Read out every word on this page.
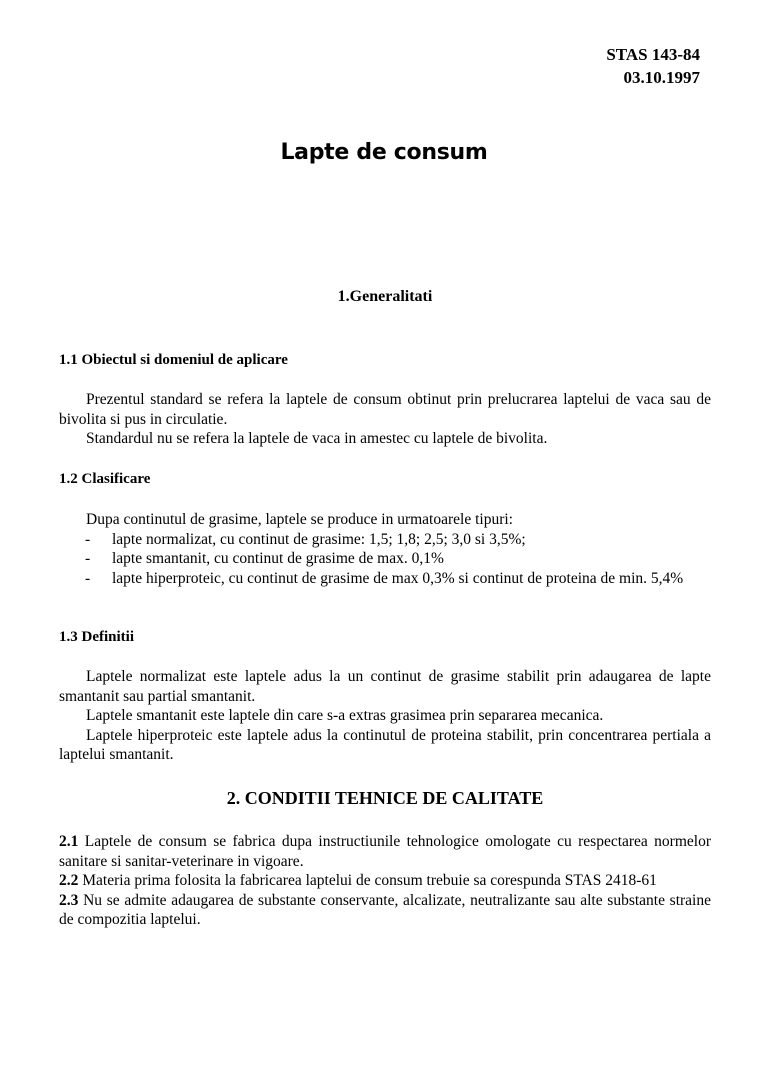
STAS 143-84
03.10.1997
Lapte de consum
1.Generalitati
1.1 Obiectul si domeniul de aplicare

Prezentul standard se refera la laptele de consum obtinut prin prelucrarea laptelui de vaca sau de bivolita si pus in circulatie.

Standardul nu se refera la laptele de vaca in amestec cu laptele de bivolita.

1.2 Clasificare

Dupa continutul de grasime, laptele se produce in urmatoarele tipuri:

- lapte normalizat, cu continut de grasime: 1,5; 1,8; 2,5; 3,0 si 3,5%;
- lapte smantanit, cu continut de grasime de max. 0,1%
- lapte hiperproteic, cu continut de grasime de max 0,3% si continut de proteina de min. 5,4%
1.3 Definitii

Laptele normalizat este laptele adus la un continut de grasime stabilit prin adaugarea de lapte smantanit sau partial smantanit.

Laptele smantanit este laptele din care s-a extras grasimea prin separarea mecanica.

Laptele hiperproteic este laptele adus la continutul de proteina stabilit, prin concentrarea pertiala a laptelui smantanit.

2. CONDITII TEHNICE DE CALITATE

2.1 Laptele de consum se fabrica dupa instructiunile tehnologice omologate cu respectarea normelor sanitare si sanitar-veterinare in vigoare.

2.2 Materia prima folosita la fabricarea laptelui de consum trebuie sa corespunda STAS 2418-61

2.3 Nu se admite adaugarea de substante conservante, alcalizate, neutralizante sau alte substante straine de compozitia laptelui.
